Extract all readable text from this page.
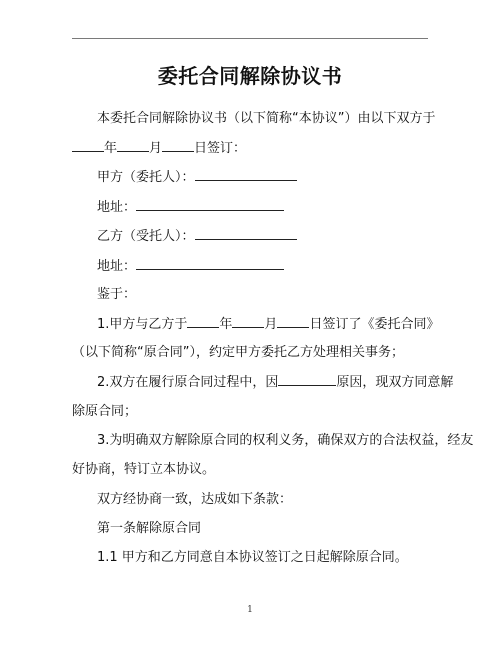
委托合同解除协议书
本委托合同解除协议书（以下简称“本协议”）由以下双方于
年 月 日签订：
甲方（委托人）：
地址：
乙方（受托人）：
地址：
鉴于：
1.甲方与乙方于 年 月 日签订了《委托合同》
（以下简称“原合同”），约定甲方委托乙方处理相关事务；
2.双方在履行原合同过程中，因	原因，现双方同意解
除原合同；
3.为明确双方解除原合同的权利义务，确保双方的合法权益，经友
好协商，特订立本协议。
双方经协商一致，达成如下条款：
第一条解除原合同
1.1 甲方和乙方同意自本协议签订之日起解除原合同。
1
